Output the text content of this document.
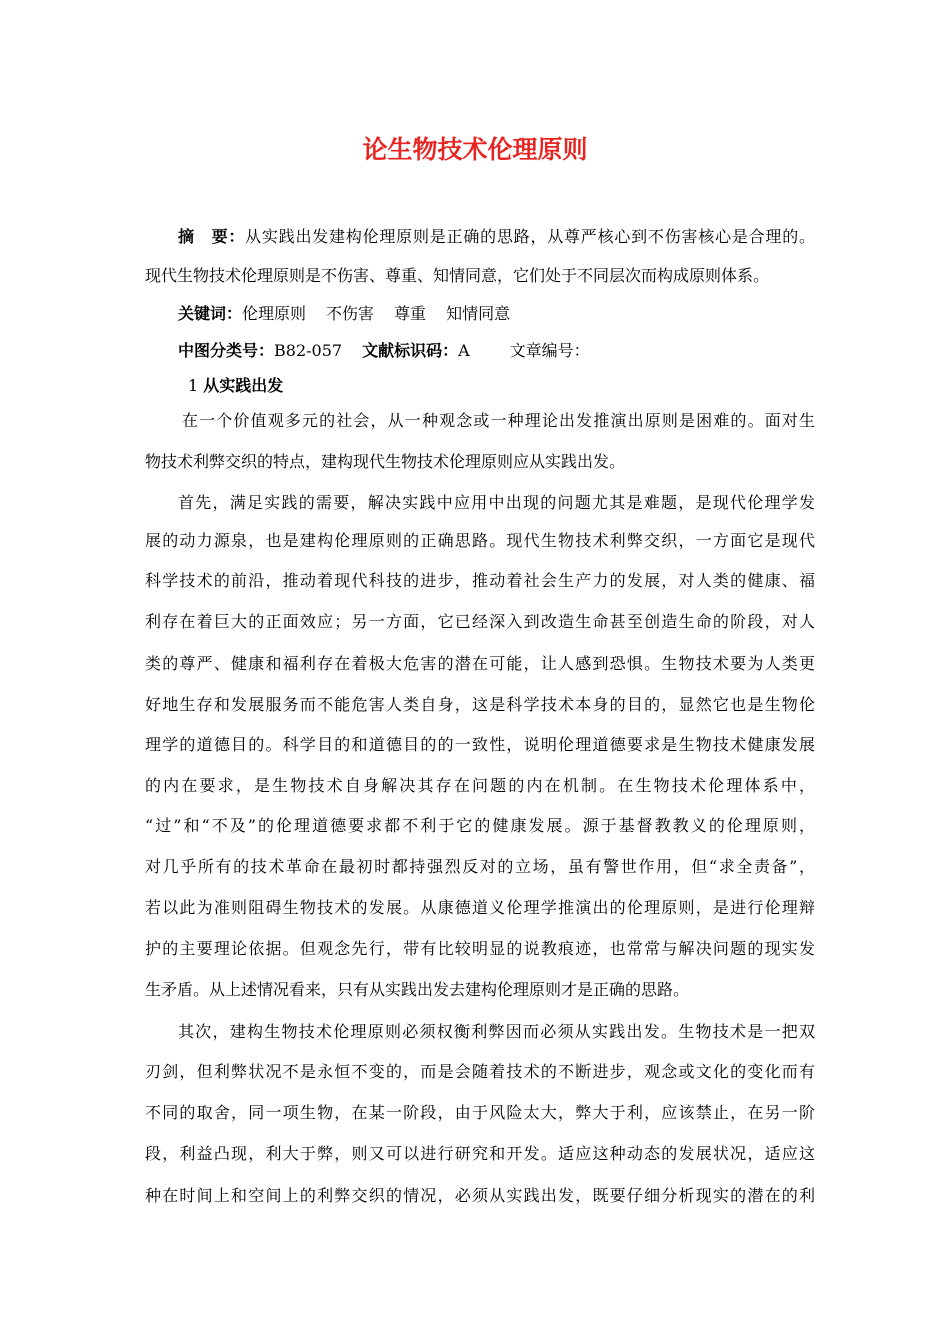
论生物技术伦理原则
摘　要：从实践出发建构伦理原则是正确的思路，从尊严核心到不伤害核心是合理的。
现代生物技术伦理原则是不伤害、尊重、知情同意，它们处于不同层次而构成原则体系。
关键词：伦理原则 不伤害 尊重 知情同意
中图分类号：B82-057 文献标识码：A	文章编号：
1 从实践出发
在一个价值观多元的社会，从一种观念或一种理论出发推演出原则是困难的。面对生
物技术利弊交织的特点，建构现代生物技术伦理原则应从实践出发。
首先，满足实践的需要，解决实践中应用中出现的问题尤其是难题，是现代伦理学发
展的动力源泉，也是建构伦理原则的正确思路。现代生物技术利弊交织，一方面它是现代
科学技术的前沿，推动着现代科技的进步，推动着社会生产力的发展，对人类的健康、福
利存在着巨大的正面效应；另一方面，它已经深入到改造生命甚至创造生命的阶段，对人
类的尊严、健康和福利存在着极大危害的潜在可能，让人感到恐惧。生物技术要为人类更
好地生存和发展服务而不能危害人类自身，这是科学技术本身的目的，显然它也是生物伦
理学的道德目的。科学目的和道德目的的一致性，说明伦理道德要求是生物技术健康发展
的内在要求，是生物技术自身解决其存在问题的内在机制。在生物技术伦理体系中，
“过”和“不及”的伦理道德要求都不利于它的健康发展。源于基督教教义的伦理原则，
对几乎所有的技术革命在最初时都持强烈反对的立场，虽有警世作用，但“求全责备”，
若以此为准则阻碍生物技术的发展。从康德道义伦理学推演出的伦理原则，是进行伦理辩
护的主要理论依据。但观念先行，带有比较明显的说教痕迹，也常常与解决问题的现实发
生矛盾。从上述情况看来，只有从实践出发去建构伦理原则才是正确的思路。
其次，建构生物技术伦理原则必须权衡利弊因而必须从实践出发。生物技术是一把双
刃剑，但利弊状况不是永恒不变的，而是会随着技术的不断进步，观念或文化的变化而有
不同的取舍，同一项生物，在某一阶段，由于风险太大，弊大于利，应该禁止，在另一阶
段，利益凸现，利大于弊，则又可以进行研究和开发。适应这种动态的发展状况，适应这
种在时间上和空间上的利弊交织的情况，必须从实践出发，既要仔细分析现实的潜在的利
